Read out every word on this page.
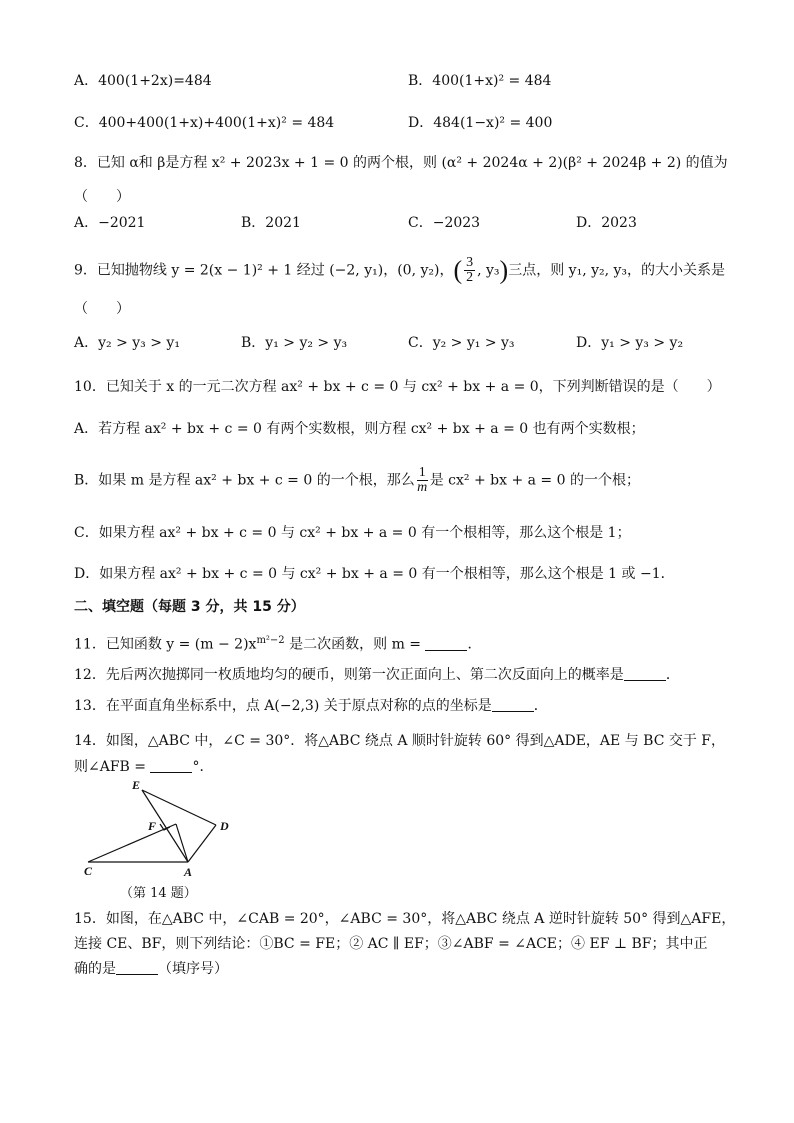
A．400(1+2x)=484	B．400(1+x)² = 484
C．400+400(1+x)+400(1+x)² = 484	D．484(1−x)² = 400
8．已知 α和 β是方程 x² + 2023x + 1 = 0 的两个根，则 (α² + 2024α + 2)(β² + 2024β + 2) 的值为
（　　）
A．−2021	B．2021	C．−2023	D．2023
9．已知抛物线 y = 2(x − 1)² + 1 经过 (−2, y₁)，(0, y₂)，( $\frac{3}{2}$ , y₃)三点，则 y₁, y₂, y₃，的大小关系是
（　　）
A．y₂ > y₃ > y₁	B．y₁ > y₂ > y₃	C．y₂ > y₁ > y₃	D．y₁ > y₃ > y₂
10．已知关于 x 的一元二次方程 ax² + bx + c = 0 与 cx² + bx + a = 0，下列判断错误的是（　　）
A．若方程 ax² + bx + c = 0 有两个实数根，则方程 cx² + bx + a = 0 也有两个实数根；
B．如果 m 是方程 ax² + bx + c = 0 的一个根，那么 $\frac{1}{m}$ 是 cx² + bx + a = 0 的一个根；
C．如果方程 ax² + bx + c = 0 与 cx² + bx + a = 0 有一个根相等，那么这个根是 1；
D．如果方程 ax² + bx + c = 0 与 cx² + bx + a = 0 有一个根相等，那么这个根是 1 或 −1．
二、填空题（每题 3 分，共 15 分）
11．已知函数 $y = (m - 2)x^{m^2-2}$ 是二次函数，则 m =	．
12．先后两次抛掷同一枚质地均匀的硬币，则第一次正面向上、第二次反面向上的概率是	．
13．在平面直角坐标系中，点 A(−2,3) 关于原点对称的点的坐标是	．
14．如图，△ABC 中，∠C = 30°．将△ABC 绕点 A 顺时针旋转 60° 得到△ADE，AE 与 BC 交于 F，
则∠AFB =	°．
E
F	D
C	A
（第 14 题）
15．如图，在△ABC 中，∠CAB = 20°，∠ABC = 30°，将△ABC 绕点 A 逆时针旋转 50° 得到△AFE，
连接 CE、BF，则下列结论：①BC = FE；② AC ∥ EF；③∠ABF = ∠ACE；④ EF ⊥ BF；其中正
确的是	（填序号）
